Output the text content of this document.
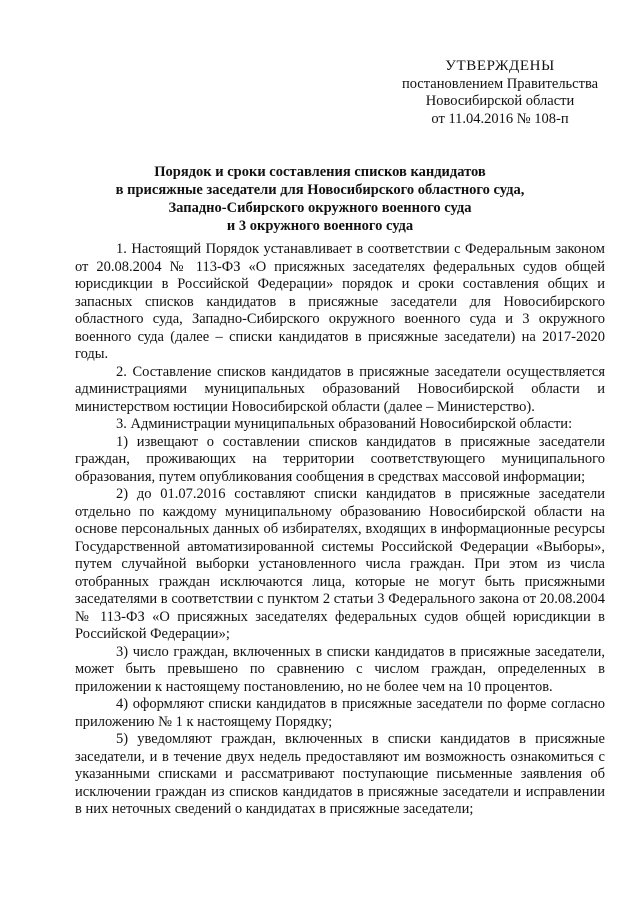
УТВЕРЖДЕНЫ
постановлением Правительства
Новосибирской области
от 11.04.2016 № 108-п
Порядок и сроки составления списков кандидатов
в присяжные заседатели для Новосибирского областного суда,
Западно-Сибирского окружного военного суда
и 3 окружного военного суда

1. Настоящий Порядок устанавливает в соответствии с Федеральным законом от 20.08.2004 № 113-ФЗ «О присяжных заседателях федеральных судов общей юрисдикции в Российской Федерации» порядок и сроки составления общих и запасных списков кандидатов в присяжные заседатели для Новосибирского областного суда, Западно-Сибирского окружного военного суда и 3 окружного военного суда (далее – списки кандидатов в присяжные заседатели) на 2017-2020 годы.

2. Составление списков кандидатов в присяжные заседатели осуществляется администрациями муниципальных образований Новосибирской области и министерством юстиции Новосибирской области (далее – Министерство).

3. Администрации муниципальных образований Новосибирской области:

1) извещают о составлении списков кандидатов в присяжные заседатели граждан, проживающих на территории соответствующего муниципального образования, путем опубликования сообщения в средствах массовой информации;

2) до 01.07.2016 составляют списки кандидатов в присяжные заседатели отдельно по каждому муниципальному образованию Новосибирской области на основе персональных данных об избирателях, входящих в информационные ресурсы Государственной автоматизированной системы Российской Федерации «Выборы», путем случайной выборки установленного числа граждан. При этом из числа отобранных граждан исключаются лица, которые не могут быть присяжными заседателями в соответствии с пунктом 2 статьи 3 Федерального закона от 20.08.2004 № 113-ФЗ «О присяжных заседателях федеральных судов общей юрисдикции в Российской Федерации»;

3) число граждан, включенных в списки кандидатов в присяжные заседатели, может быть превышено по сравнению с числом граждан, определенных в приложении к настоящему постановлению, но не более чем на 10 процентов.

4) оформляют списки кандидатов в присяжные заседатели по форме согласно приложению № 1 к настоящему Порядку;

5) уведомляют граждан, включенных в списки кандидатов в присяжные заседатели, и в течение двух недель предоставляют им возможность ознакомиться с указанными списками и рассматривают поступающие письменные заявления об исключении граждан из списков кандидатов в присяжные заседатели и исправлении в них неточных сведений о кандидатах в присяжные заседатели;
